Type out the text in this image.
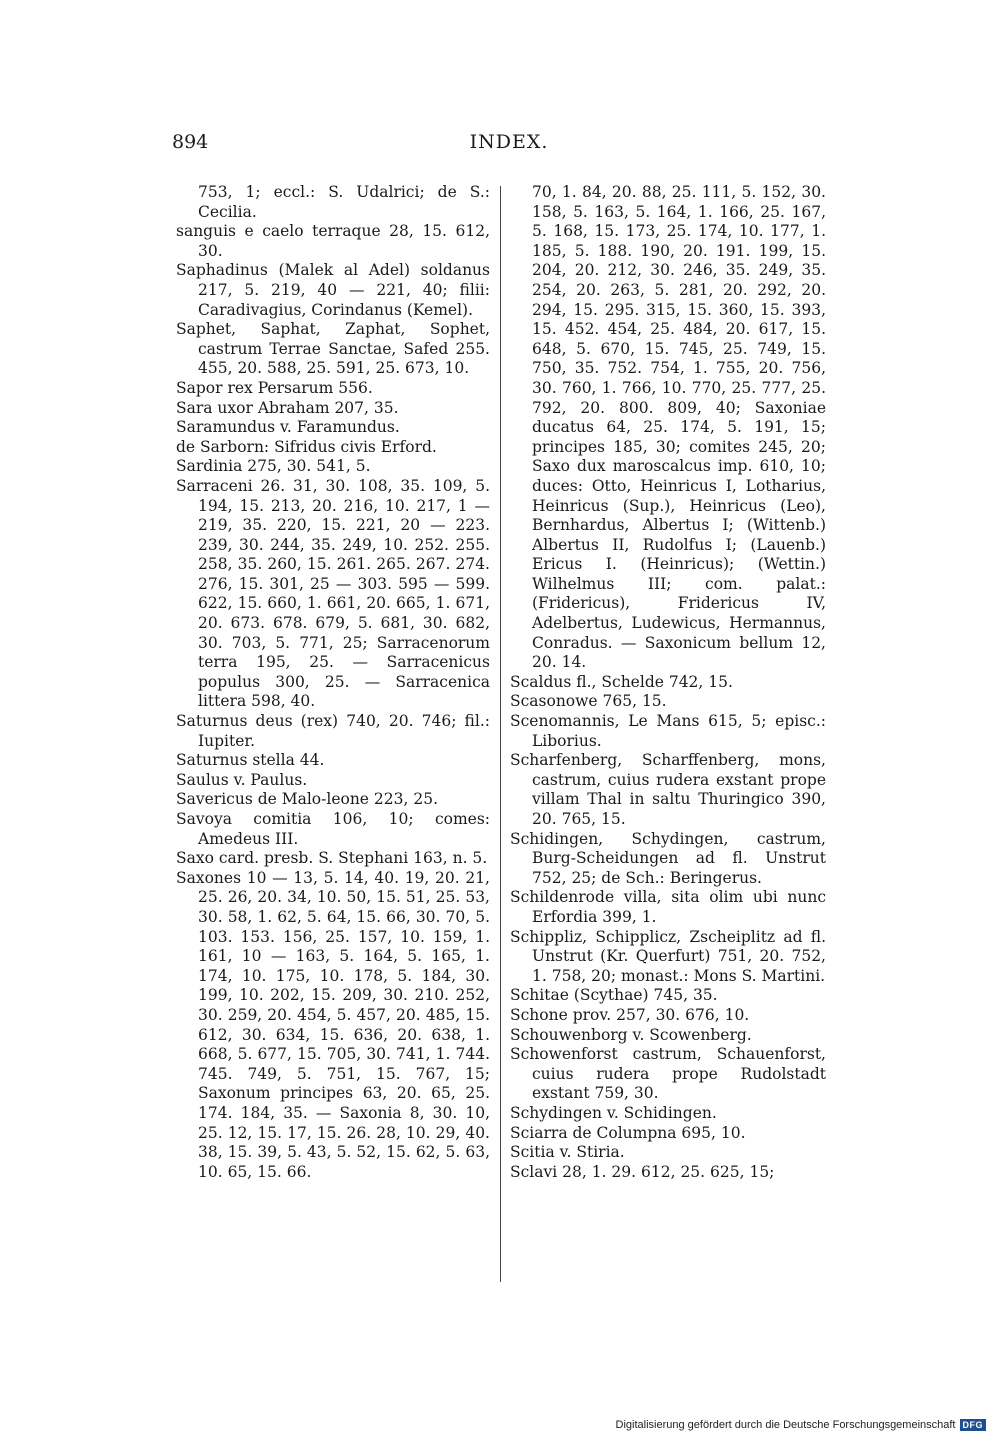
894	INDEX.

753, 1; eccl.: S. Udalrici; de S.: Cecilia.

sanguis e caelo terraque 28, 15. 612, 30.

Saphadinus (Malek al Adel) soldanus 217, 5. 219, 40 — 221, 40; filii: Caradivagius, Corindanus (Kemel).

Saphet, Saphat, Zaphat, Sophet, castrum Terrae Sanctae, Safed 255. 455, 20. 588, 25. 591, 25. 673, 10.

Sapor rex Persarum 556.

Sara uxor Abraham 207, 35.

Saramundus v. Faramundus.

de Sarborn: Sifridus civis Erford.

Sardinia 275, 30. 541, 5.

Sarraceni 26. 31, 30. 108, 35. 109, 5. 194, 15. 213, 20. 216, 10. 217, 1 — 219, 35. 220, 15. 221, 20 — 223. 239, 30. 244, 35. 249, 10. 252. 255. 258, 35. 260, 15. 261. 265. 267. 274. 276, 15. 301, 25 — 303. 595 — 599. 622, 15. 660, 1. 661, 20. 665, 1. 671, 20. 673. 678. 679, 5. 681, 30. 682, 30. 703, 5. 771, 25; Sarracenorum terra 195, 25. — Sarracenicus populus 300, 25. — Sarracenica littera 598, 40.

Saturnus deus (rex) 740, 20. 746; fil.: Iupiter.

Saturnus stella 44.

Saulus v. Paulus.

Savericus de Malo-leone 223, 25.

Savoya comitia 106, 10; comes: Amedeus III.

Saxo card. presb. S. Stephani 163, n. 5.

Saxones 10 — 13, 5. 14, 40. 19, 20. 21, 25. 26, 20. 34, 10. 50, 15. 51, 25. 53, 30. 58, 1. 62, 5. 64, 15. 66, 30. 70, 5. 103. 153. 156, 25. 157, 10. 159, 1. 161, 10 — 163, 5. 164, 5. 165, 1. 174, 10. 175, 10. 178, 5. 184, 30. 199, 10. 202, 15. 209, 30. 210. 252, 30. 259, 20. 454, 5. 457, 20. 485, 15. 612, 30. 634, 15. 636, 20. 638, 1. 668, 5. 677, 15. 705, 30. 741, 1. 744. 745. 749, 5. 751, 15. 767, 15; Saxonum principes 63, 20. 65, 25. 174. 184, 35. — Saxonia 8, 30. 10, 25. 12, 15. 17, 15. 26. 28, 10. 29, 40. 38, 15. 39, 5. 43, 5. 52, 15. 62, 5. 63, 10. 65, 15. 66.

70, 1. 84, 20. 88, 25. 111, 5. 152, 30. 158, 5. 163, 5. 164, 1. 166, 25. 167, 5. 168, 15. 173, 25. 174, 10. 177, 1. 185, 5. 188. 190, 20. 191. 199, 15. 204, 20. 212, 30. 246, 35. 249, 35. 254, 20. 263, 5. 281, 20. 292, 20. 294, 15. 295. 315, 15. 360, 15. 393, 15. 452. 454, 25. 484, 20. 617, 15. 648, 5. 670, 15. 745, 25. 749, 15. 750, 35. 752. 754, 1. 755, 20. 756, 30. 760, 1. 766, 10. 770, 25. 777, 25. 792, 20. 800. 809, 40; Saxoniae ducatus 64, 25. 174, 5. 191, 15; principes 185, 30; comites 245, 20; Saxo dux maroscalcus imp. 610, 10; duces: Otto, Heinricus I, Lotharius, Heinricus (Sup.), Heinricus (Leo), Bernhardus, Albertus I; (Wittenb.) Albertus II, Rudolfus I; (Lauenb.) Ericus I. (Heinricus); (Wettin.) Wilhelmus III; com. palat.: (Fridericus), Fridericus IV, Adelbertus, Ludewicus, Hermannus, Conradus. — Saxonicum bellum 12, 20. 14.

Scaldus fl., Schelde 742, 15.

Scasonowe 765, 15.

Scenomannis, Le Mans 615, 5; episc.: Liborius.

Scharfenberg, Scharffenberg, mons, castrum, cuius rudera exstant prope villam Thal in saltu Thuringico 390, 20. 765, 15.

Schidingen, Schydingen, castrum, Burg-Scheidungen ad fl. Unstrut 752, 25; de Sch.: Beringerus.

Schildenrode villa, sita olim ubi nunc Erfordia 399, 1.

Schippliz, Schipplicz, Zscheiplitz ad fl. Unstrut (Kr. Querfurt) 751, 20. 752, 1. 758, 20; monast.: Mons S. Martini.

Schitae (Scythae) 745, 35.

Schone prov. 257, 30. 676, 10.

Schouwenborg v. Scowenberg.

Schowenforst castrum, Schauenforst, cuius rudera prope Rudolstadt exstant 759, 30.

Schydingen v. Schidingen.

Sciarra de Columpna 695, 10.

Scitia v. Stiria.

Sclavi 28, 1. 29. 612, 25. 625, 15;

Digitalisierung gefördert durch die Deutsche Forschungsgemeinschaft DFG
